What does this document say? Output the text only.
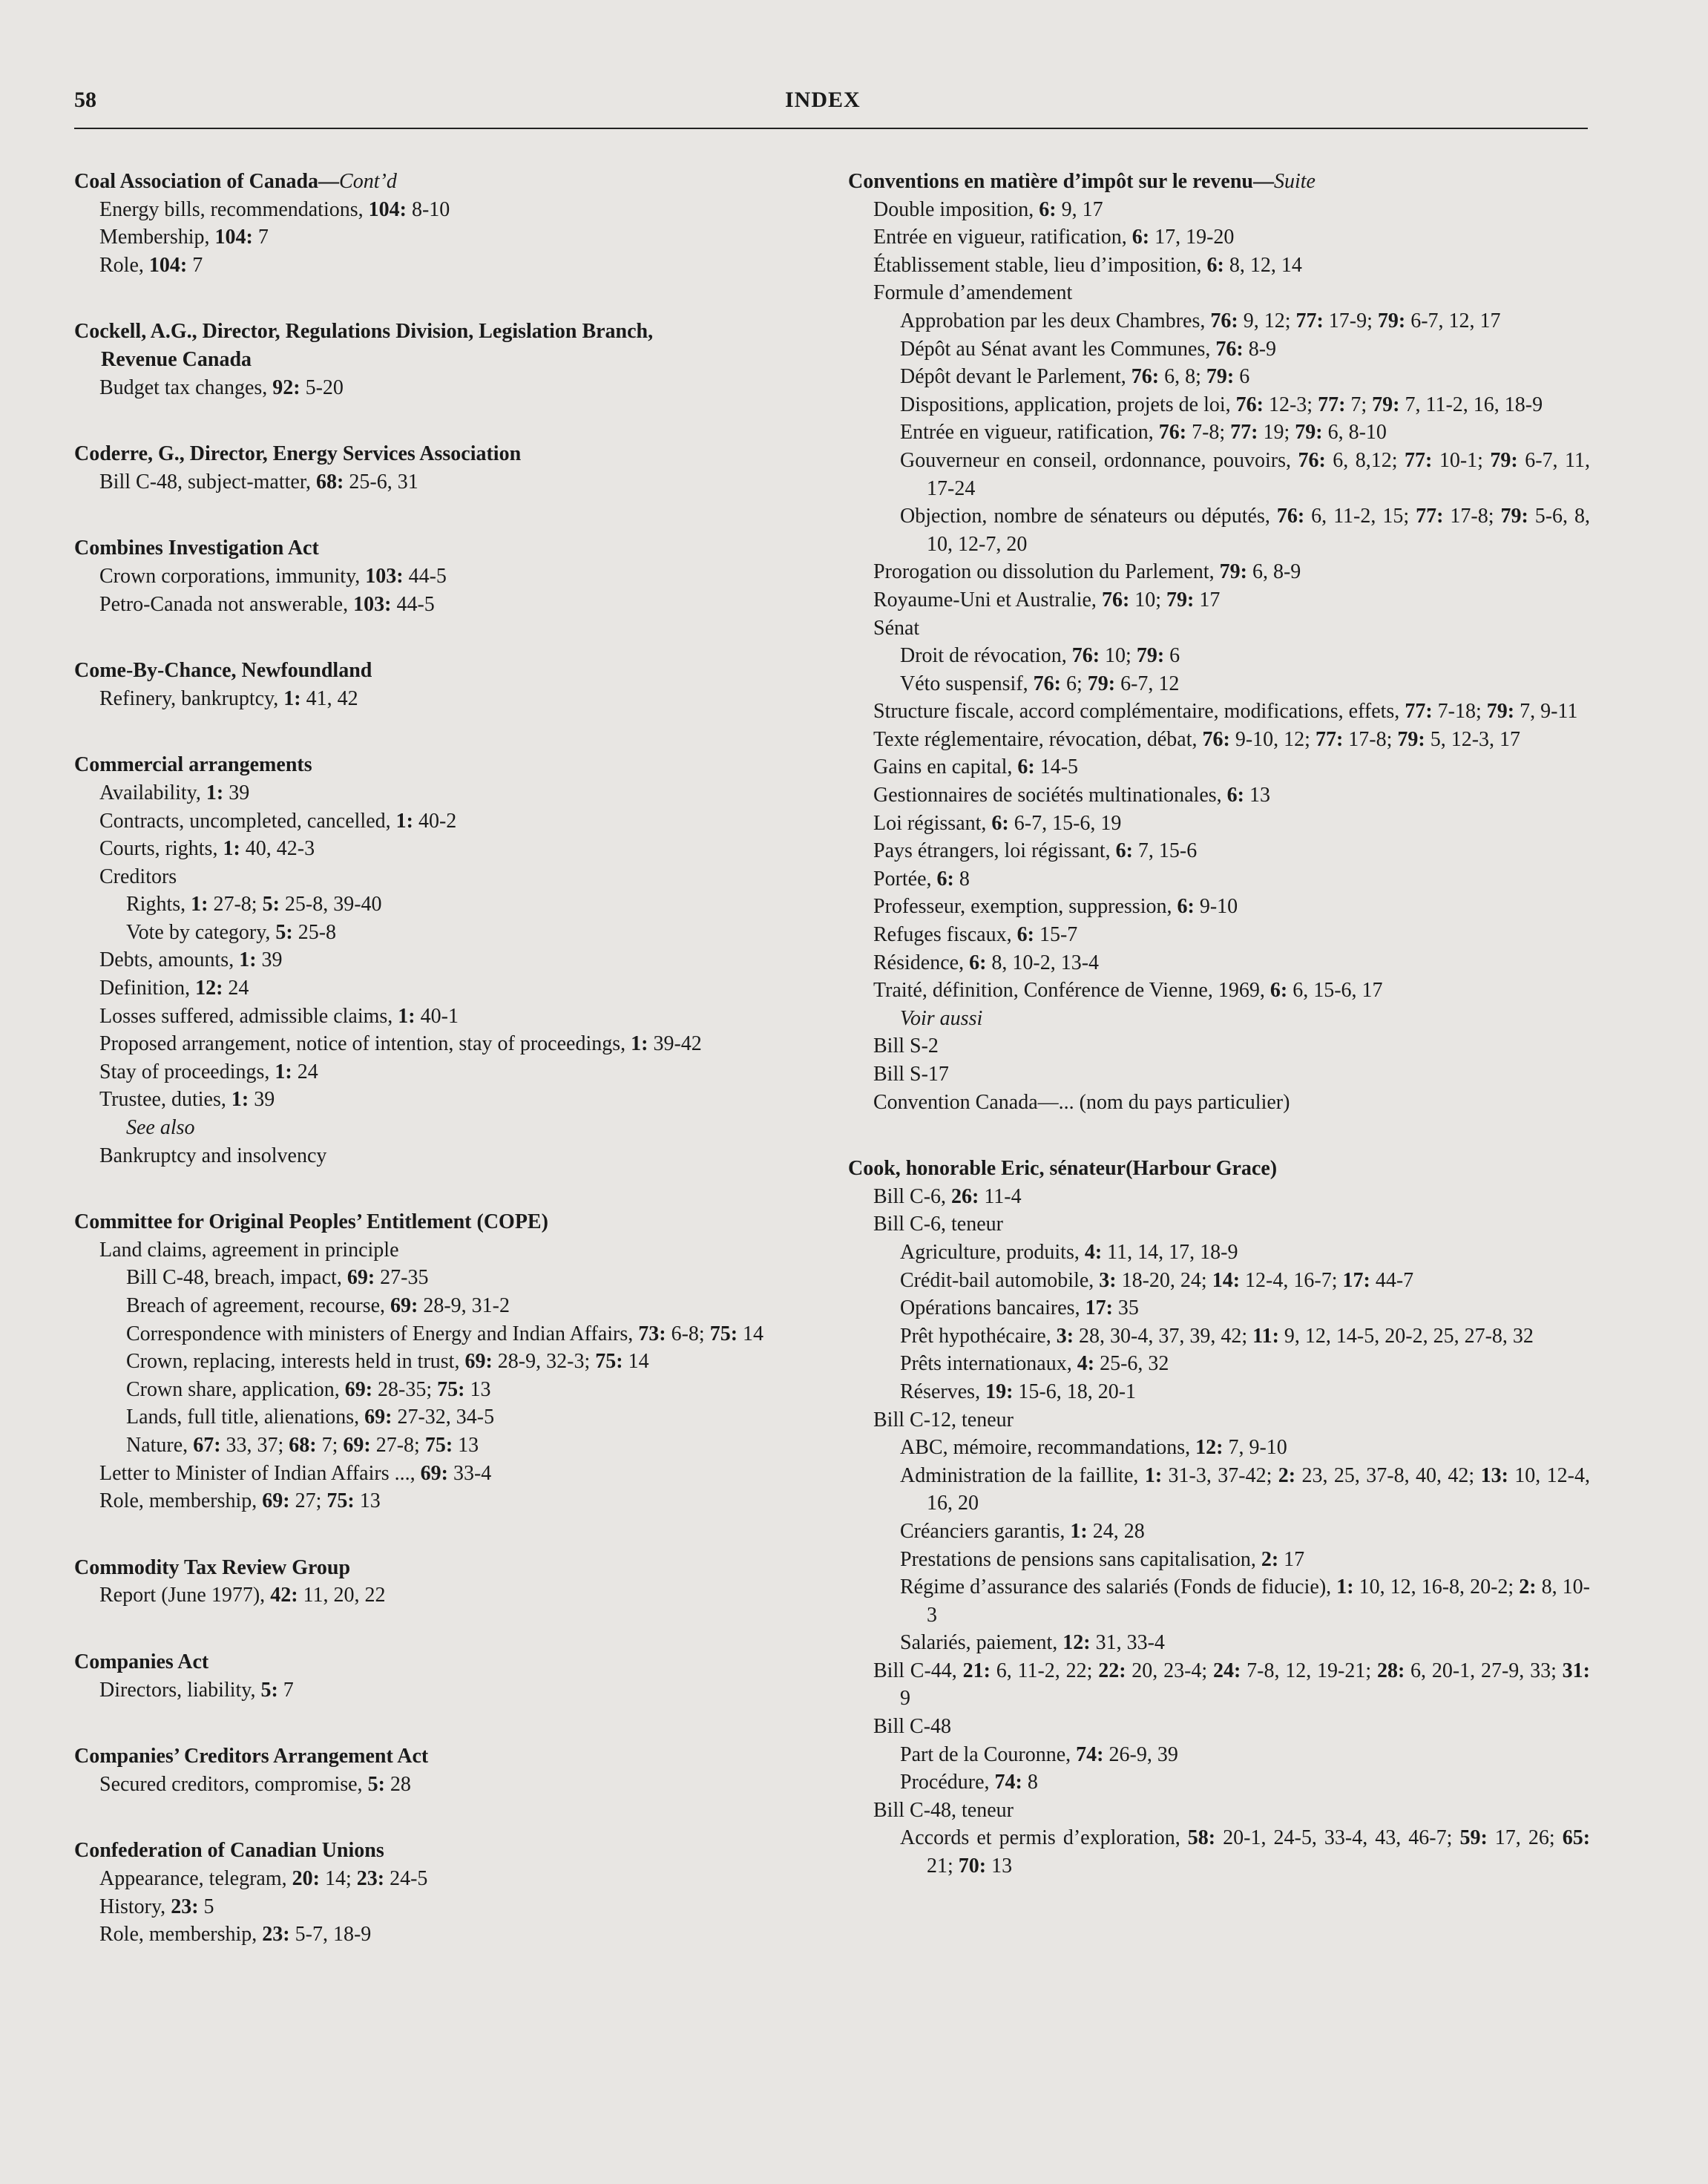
58	INDEX
Coal Association of Canada—Cont’d
Energy bills, recommendations, 104: 8-10
Membership, 104: 7
Role, 104: 7
Cockell, A.G., Director, Regulations Division, Legislation Branch,
Revenue Canada
Budget tax changes, 92: 5-20
Coderre, G., Director, Energy Services Association
Bill C-48, subject-matter, 68: 25-6, 31
Combines Investigation Act
Crown corporations, immunity, 103: 44-5
Petro-Canada not answerable, 103: 44-5
Come-By-Chance, Newfoundland
Refinery, bankruptcy, 1: 41, 42
Commercial arrangements
Availability, 1: 39
Contracts, uncompleted, cancelled, 1: 40-2
Courts, rights, 1: 40, 42-3
Creditors
Rights, 1: 27-8; 5: 25-8, 39-40
Vote by category, 5: 25-8
Debts, amounts, 1: 39
Definition, 12: 24
Losses suffered, admissible claims, 1: 40-1
Proposed arrangement, notice of intention, stay of proceedings, 1: 39-42
Stay of proceedings, 1: 24
Trustee, duties, 1: 39
See also
Bankruptcy and insolvency
Committee for Original Peoples’ Entitlement (COPE)
Land claims, agreement in principle
Bill C-48, breach, impact, 69: 27-35
Breach of agreement, recourse, 69: 28-9, 31-2
Correspondence with ministers of Energy and Indian Affairs, 73: 6-8; 75: 14
Crown, replacing, interests held in trust, 69: 28-9, 32-3; 75: 14
Crown share, application, 69: 28-35; 75: 13
Lands, full title, alienations, 69: 27-32, 34-5
Nature, 67: 33, 37; 68: 7; 69: 27-8; 75: 13
Letter to Minister of Indian Affairs ..., 69: 33-4
Role, membership, 69: 27; 75: 13
Commodity Tax Review Group
Report (June 1977), 42: 11, 20, 22
Companies Act
Directors, liability, 5: 7
Companies’ Creditors Arrangement Act
Secured creditors, compromise, 5: 28
Confederation of Canadian Unions
Appearance, telegram, 20: 14; 23: 24-5
History, 23: 5
Role, membership, 23: 5-7, 18-9
Conventions en matière d’impôt sur le revenu—Suite
Double imposition, 6: 9, 17
Entrée en vigueur, ratification, 6: 17, 19-20
Établissement stable, lieu d’imposition, 6: 8, 12, 14
Formule d’amendement
Approbation par les deux Chambres, 76: 9, 12; 77: 17-9; 79: 6-7, 12, 17
Dépôt au Sénat avant les Communes, 76: 8-9
Dépôt devant le Parlement, 76: 6, 8; 79: 6
Dispositions, application, projets de loi, 76: 12-3; 77: 7; 79: 7, 11-2, 16, 18-9
Entrée en vigueur, ratification, 76: 7-8; 77: 19; 79: 6, 8-10
Gouverneur en conseil, ordonnance, pouvoirs, 76: 6, 8,12; 77: 10-1; 79: 6-7, 11, 17-24
Objection, nombre de sénateurs ou députés, 76: 6, 11-2, 15; 77: 17-8; 79: 5-6, 8, 10, 12-7, 20
Prorogation ou dissolution du Parlement, 79: 6, 8-9
Royaume-Uni et Australie, 76: 10; 79: 17
Sénat
Droit de révocation, 76: 10; 79: 6
Véto suspensif, 76: 6; 79: 6-7, 12
Structure fiscale, accord complémentaire, modifications, effets, 77: 7-18; 79: 7, 9-11
Texte réglementaire, révocation, débat, 76: 9-10, 12; 77: 17-8; 79: 5, 12-3, 17
Gains en capital, 6: 14-5
Gestionnaires de sociétés multinationales, 6: 13
Loi régissant, 6: 6-7, 15-6, 19
Pays étrangers, loi régissant, 6: 7, 15-6
Portée, 6: 8
Professeur, exemption, suppression, 6: 9-10
Refuges fiscaux, 6: 15-7
Résidence, 6: 8, 10-2, 13-4
Traité, définition, Conférence de Vienne, 1969, 6: 6, 15-6, 17
Voir aussi
Bill S-2
Bill S-17
Convention Canada—... (nom du pays particulier)
Cook, honorable Eric, sénateur(Harbour Grace)
Bill C-6, 26: 11-4
Bill C-6, teneur
Agriculture, produits, 4: 11, 14, 17, 18-9
Crédit-bail automobile, 3: 18-20, 24; 14: 12-4, 16-7; 17: 44-7
Opérations bancaires, 17: 35
Prêt hypothécaire, 3: 28, 30-4, 37, 39, 42; 11: 9, 12, 14-5, 20-2, 25, 27-8, 32
Prêts internationaux, 4: 25-6, 32
Réserves, 19: 15-6, 18, 20-1
Bill C-12, teneur
ABC, mémoire, recommandations, 12: 7, 9-10
Administration de la faillite, 1: 31-3, 37-42; 2: 23, 25, 37-8, 40, 42; 13: 10, 12-4, 16, 20
Créanciers garantis, 1: 24, 28
Prestations de pensions sans capitalisation, 2: 17
Régime d’assurance des salariés (Fonds de fiducie), 1: 10, 12, 16-8, 20-2; 2: 8, 10-3
Salariés, paiement, 12: 31, 33-4
Bill C-44, 21: 6, 11-2, 22; 22: 20, 23-4; 24: 7-8, 12, 19-21; 28: 6, 20-1, 27-9, 33; 31: 9
Bill C-48
Part de la Couronne, 74: 26-9, 39
Procédure, 74: 8
Bill C-48, teneur
Accords et permis d’exploration, 58: 20-1, 24-5, 33-4, 43, 46-7; 59: 17, 26; 65: 21; 70: 13
